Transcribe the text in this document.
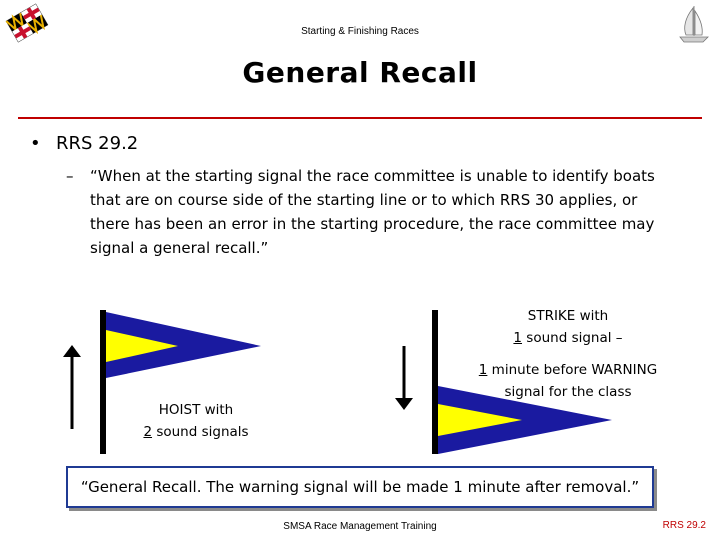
Starting & Finishing Races
General Recall
• RRS 29.2
– “When at the starting signal the race committee is unable to identify boats that are on course side of the starting line or to which RRS 30 applies, or there has been an error in the starting procedure, the race committee may signal a general recall.”
HOIST with
2 sound signals
STRIKE with
1 sound signal –
1 minute before WARNING
signal for the class
“General Recall. The warning signal will be made 1 minute after removal.”
SMSA Race Management Training	RRS 29.2
